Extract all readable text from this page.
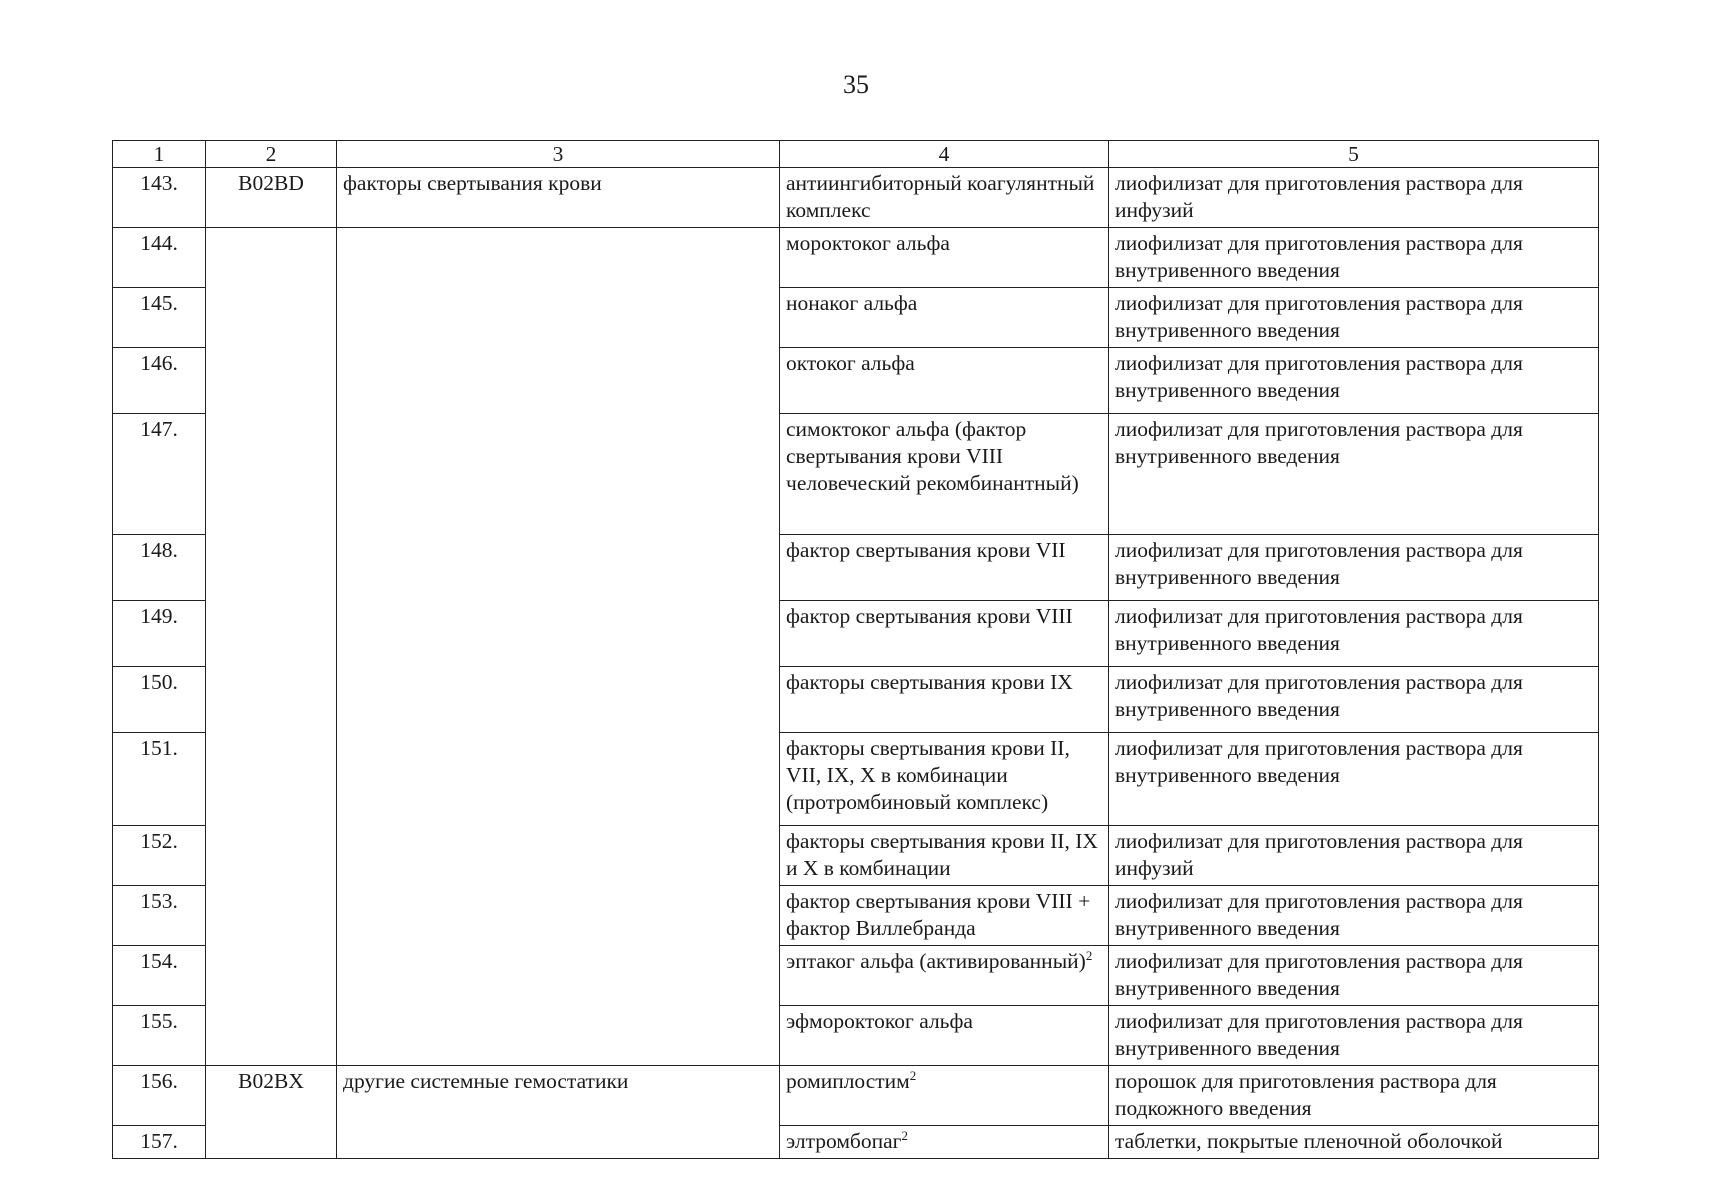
35
1	2	3	4	5
143.	B02BD	факторы свертывания крови	антиингибиторный коагулянтный комплекс	лиофилизат для приготовления раствора для инфузий
144.			мороктоког альфа	лиофилизат для приготовления раствора для внутривенного введения
145.			нонаког альфа	лиофилизат для приготовления раствора для внутривенного введения
146.			октоког альфа	лиофилизат для приготовления раствора для внутривенного введения
147.			симоктоког альфа (фактор свертывания крови VIII человеческий рекомбинантный)	лиофилизат для приготовления раствора для внутривенного введения
148.			фактор свертывания крови VII	лиофилизат для приготовления раствора для внутривенного введения
149.			фактор свертывания крови VIII	лиофилизат для приготовления раствора для внутривенного введения
150.			факторы свертывания крови IX	лиофилизат для приготовления раствора для внутривенного введения
151.			факторы свертывания крови II, VII, IX, X в комбинации (протромбиновый комплекс)	лиофилизат для приготовления раствора для внутривенного введения
152.			факторы свертывания крови II, IX и X в комбинации	лиофилизат для приготовления раствора для инфузий
153.			фактор свертывания крови VIII + фактор Виллебранда	лиофилизат для приготовления раствора для внутривенного введения
154.			эптаког альфа (активированный)$^2$	лиофилизат для приготовления раствора для внутривенного введения
155.			эфмороктоког альфа	лиофилизат для приготовления раствора для внутривенного введения
156.	B02BX	другие системные гемостатики	ромиплостим$^2$	порошок для приготовления раствора для подкожного введения
157.			элтромбопаг$^2$	таблетки, покрытые пленочной оболочкой
